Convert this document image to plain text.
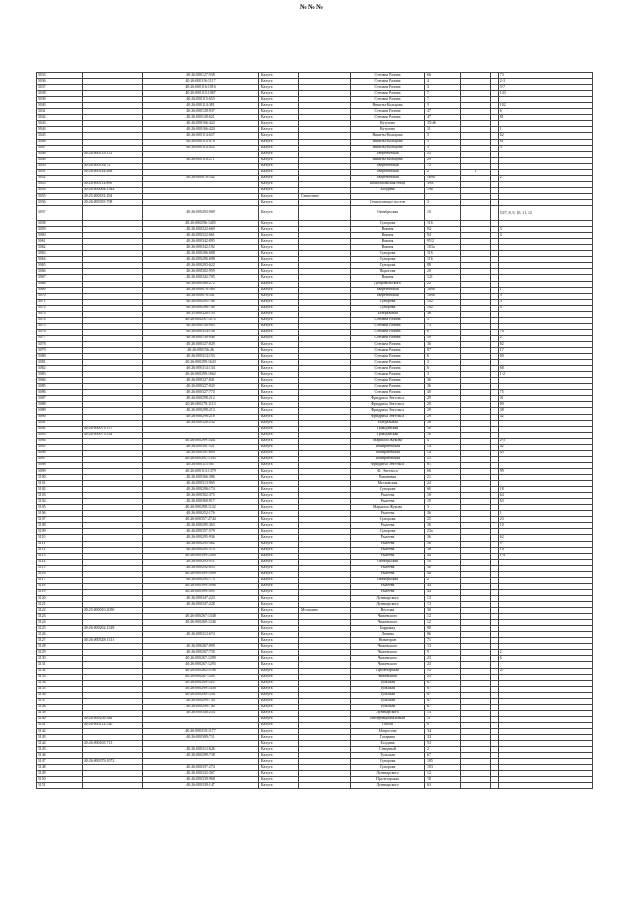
№№№
3033		40:26:000127:938	Калуга		Степана Разина	66			73
3036		40:26:000116:1117	Калуга		Степана Разина	4			2-3
3037		40:26:000116:1016	Калуга		Степана Разина	4			3-7
3038		40:26:000115:1087	Калуга		Степана Разина	7			143
3039		40:26:000115:653	Калуга		Степана Разина	7			
3040		40:26:000114:381	Калуга		Никиты-Кольцова	5			102
3041		40:26:000128:937	Калуга		Степана Разина	47			6
3042		40:26:000128:621	Калуга		Степана Разина	47			81
3043		40:26:000166:424	Калуга		Кутузова	35/46			
3044		40:26:000166:424	Калуга		Кутузова	11			1
3045		40:26:000114:637	Калуга		Никиты-Кольцова	3			62
3046		40:26:000114:476	Калуга		Никиты-Кольцова	3			61
3047		40:26:000114:452	Калуга		Никиты-Кольцова	3			3
3048	40:26:000133:112		Калуга		Тверетинская	25			
3049		40:26:000116:271	Калуга		Никиты-Кольцова	29			
3050	40:26:000134:72		Калуга		Тверетинская	72			
3051	40:26:000144:468		Калуга		Тверетинская	2	1		
3052		40:26:000078:542	Калуга		Тверетинская	169а			2
3053	40:26:000112:890		Калуга		Комсомольская Роща	39А			
3054	40:26:000084:1344		Калуга		Болдина	19а			
3055	40:25:000181:294		Калуга	Секиотино					
3056	40:26:000355:708		Калуга		Секиотинское поселе	3			
3057		40:26:000293:909	Калуга		Октябрьская	10			53/7, 8, 9, 10, 11, 12
3058		40:26:000296:1405	Калуга		Суворова	116			
3059		40:26:000322:660	Калуга		Вишня	94			3
3060		40:26:000322:661	Калуга		Вишня	94			4
3061		40:26:000342:895	Калуга		Вишня	95/2			
3062		40:26:000342:192	Калуга		Вишня	103а			
3063		40:26:000296:688	Калуга		Суворова	116			
3064		40:26:000296:698	Калуга		Суворова	116			
3065		40:26:000293:622	Калуга		Суворова	88			
3066		40:26:000302:959	Калуга		Пирогова	20			
3067		40:26:000342:705	Калуга		Вишня	121			
3068		40:26:000300:272	Калуга		Добровольского	22			
3069		40:26:000078:580	Калуга		Тверетинская	169а			1
3070		40:26:000078:541	Калуга		Тверетинская	169а			3
3071		40:26:000295:708	Калуга		Суворова	102			3
3072		40:26:000296:700	Калуга		Суворова	102			4
3073		40:25:000320:133	Калуга		Театральная	36			
3074		40:26:000291:1072	Калуга		Степана Разина	5			
3075		40:26:000130:903	Калуга		Степана Разина	73			
3076		40:26:000314:136	Калуга		Степана Разина	6			76
3077		40:26:000130:948	Калуга		Степана Разина	59			2
3078		40:26:000327:820	Калуга		Степана Разина	36			82
3079		40:26:000156:46	Калуга		Степана Разина	87			17
3080		40:26:000314:153	Калуга		Степана Разина	6			69
3081		40:26:000299:1643	Калуга		Степана Разина	3			
3082		40:26:000314:134	Калуга		Степана Разина	6			68
3083		40:26:000299:1662	Калуга		Степана Разина	3			1-2
3084		40:26:000327:841	Калуга		Степана Разина	36			
3085		40:26:000327:843	Калуга		Степана Разина	36			
3086		40:26:000327:774	Калуга		Степана Разина	40			75
3087		40:26:000298:212	Калуга		Фридриха Энгельса	29			41
3088		40:26:000278:1113	Калуга		Фридриха Энгельса	20			80
3089		40:26:000298:213	Калуга		Фридриха Энгельса	29			38
3090		40:26:000298:218	Калуга		Фридриха Энгельса	29			42
3091		40:26:000320:232	Калуга		Театральная	36			
3092	40:26:000073:157		Калуга		Гражданская	10			
3093	40:26:000073:334		Калуга		Гражданская	10			
3094		40:26:000299:1441	Калуга		Маршала Жукова	4			2-3
3095		40:26:000391:521	Калуга		Тимирязевская	14			42
3096		40:26:000391:609	Калуга		Тимирязевская	14			43
3097		40:26:000391:1335	Калуга		Тимирязевская	21			
3098		40:26:000115:587	Калуга		Фридриха Энгельса	61			
3099		40:26:000113:1379	Калуга		Ф. Энгельса	66			99
3100		40:26:000366:386	Калуга		Вишневая	21			
3101		40:26:000313:965	Калуга		Московская	24			
3102		40:26:000296:174	Калуга		Суворова	60			18
3103		40:26:000302:375	Калуга		Рылеева	16			64
3104		40:26:000360:917	Калуга		Рылеева	10			63
3105		40:26:000298:1142	Калуга		Маршала Жукова	3			
3106		40:26:000252:176	Калуга		Рылеева	36			1
3107		40:26:000357:2744	Калуга		Суворова	25			23
3108		40:26:000295:363	Калуга		Рылеева	36			10
3109		40:26:000357:579	Калуга		Суворова	23а			
3110		40:26:000295:936	Калуга		Рылеева	36			62
3111		40:26:000295:362	Калуга		Рылеева	36			9
3112		40:26:000295:374	Калуга		Рылеева	36			14
3113		40:26:000399:1200	Калуга		Рылеева	44			1-4
3114		40:26:000293:911	Калуга		Октябрьская	10			
3115		40:26:000292:853	Калуга		Рылеева	38			
3116		40:26:000399:1099	Калуга		Рылеева	44			
3117		40:26:000293:773	Калуга		Октябрьская	2			
3118		40:26:000399:1098	Калуга		Рылеева	44			
3119		40:26:000399:1097	Калуга		Рылеева	44			
3120		40:26:000347:223	Калуга		Луначарского	13			
3121		40:26:000347:228	Калуга		Луначарского	13			
3122	40:25:000010:2050		Калуга	Мстихино	Веселая	30			
3123		40:26:000267:1348	Калуга		Чижевского	12			
3124		40:26:000269:1246	Калуга		Чижевского	12			
3125	40:26:000262:1328		Калуга		Баррикад	98			
3126		40:26:000312:674	Калуга		Ленина	86			
3127	40:26:000328:1311		Калуга		Новаторов	71			
3128		40:26:000267:899	Калуга		Чижевского	13			
3129		40:26:000267:735	Калуга		Чижевского	9			2
3130		40:26:000267:1299	Калуга		Чижевского	23			6
3131		40:26:000267:1293	Калуга		Чижевского	23			
3132		40:26:000262:1196	Калуга		Пролетарская	52			27
3133		40:26:000267:1287	Калуга		Чижевского	23			
3134		40:26:000299:1437	Калуга		Тульская	67			
3135		40:26:000299:1438	Калуга		Тульская	67			
3136		40:26:000299:1201	Калуга		Тульская	67			
3137		40:26:000299:734	Калуга		Тульская	67			
3138		40:26:000299:740	Калуга		Тульская	67			
3139		40:26:000348:254	Калуга		Луначарского	13			
3140	40:26:000256:384		Калуга		Интернациональный	11			
3141	40:26:000122:520		Калуга		Гоголя	8			
3142		40:26:000318:1177	Калуга		Матросова	34			
3143		40:26:000309:711	Калуга		Гагарина	33			
3144	40:26:000165:713		Калуга		Болдина	53			
3145		40:26:000312:626	Калуга		Северный	2			
3146		40:26:000299:738	Калуга		Тульская	67			
3147	40:26:000379:1072		Калуга		Суворова	185			
3148		40:26:000357:274	Калуга		Суворова	103			
3149		40:26:000332:367	Калуга		Луначарского	12			
3150		40:26:000339:968	Калуга		Пролетарская	18			
3151		40:26:000339:147	Калуга		Луначарского	63			
